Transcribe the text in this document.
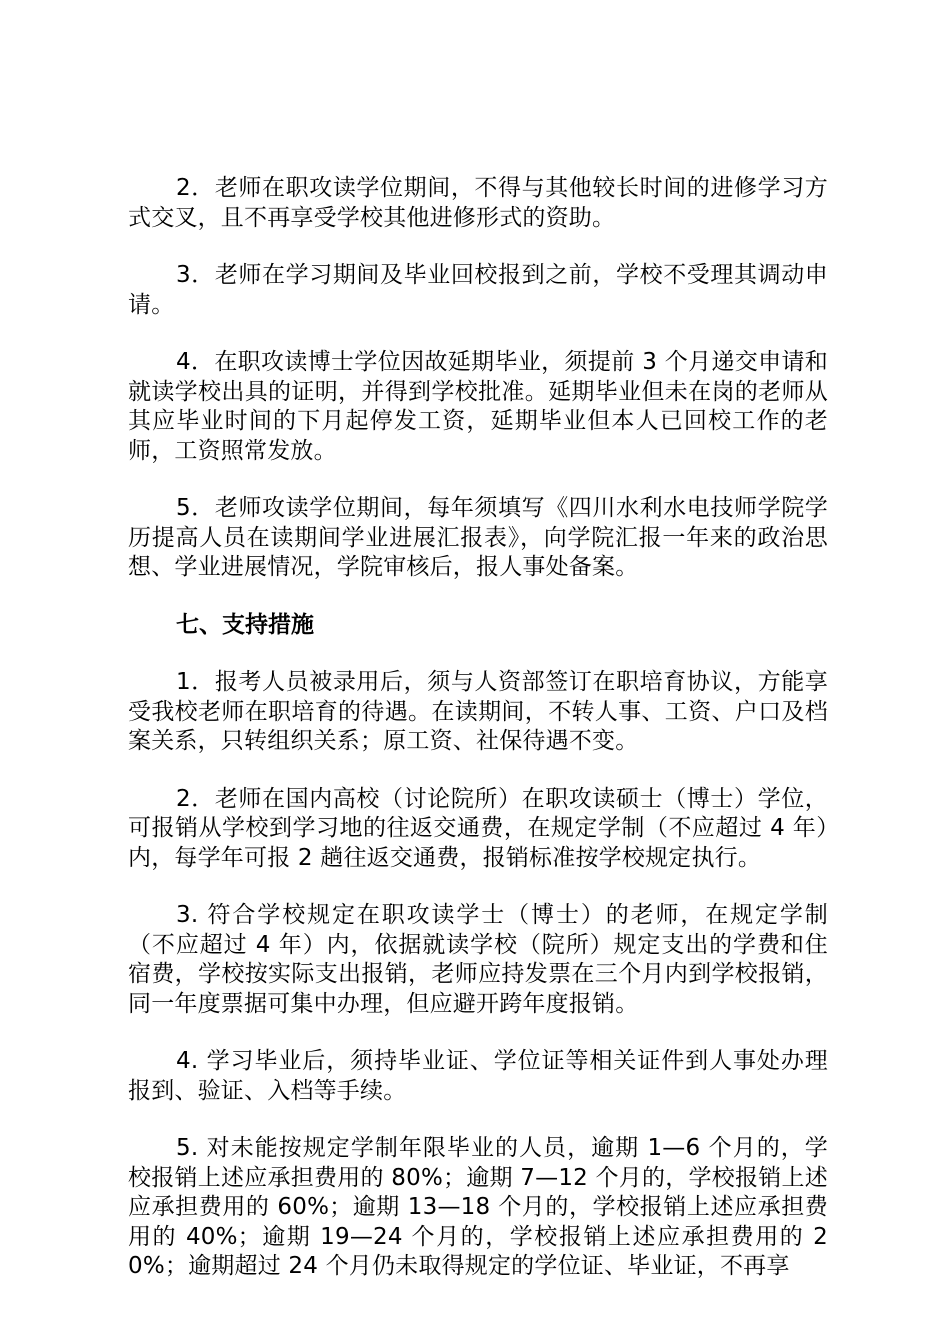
2．老师在职攻读学位期间，不得与其他较长时间的进修学习方式交叉，且不再享受学校其他进修形式的资助。

3．老师在学习期间及毕业回校报到之前，学校不受理其调动申请。

4．在职攻读博士学位因故延期毕业，须提前 3 个月递交申请和就读学校出具的证明，并得到学校批准。延期毕业但未在岗的老师从其应毕业时间的下月起停发工资，延期毕业但本人已回校工作的老师，工资照常发放。

5．老师攻读学位期间，每年须填写《四川水利水电技师学院学历提高人员在读期间学业进展汇报表》，向学院汇报一年来的政治思想、学业进展情况，学院审核后，报人事处备案。

七、支持措施

1．报考人员被录用后，须与人资部签订在职培育协议，方能享受我校老师在职培育的待遇。在读期间，不转人事、工资、户口及档案关系，只转组织关系；原工资、社保待遇不变。

2．老师在国内高校（讨论院所）在职攻读硕士（博士）学位，可报销从学校到学习地的往返交通费，在规定学制（不应超过 4 年）内，每学年可报 2 趟往返交通费，报销标准按学校规定执行。

3. 符合学校规定在职攻读学士（博士）的老师，在规定学制（不应超过 4 年）内，依据就读学校（院所）规定支出的学费和住宿费，学校按实际支出报销，老师应持发票在三个月内到学校报销，同一年度票据可集中办理，但应避开跨年度报销。

4. 学习毕业后，须持毕业证、学位证等相关证件到人事处办理报到、验证、入档等手续。

5. 对未能按规定学制年限毕业的人员，逾期 1—6 个月的，学校报销上述应承担费用的 80%；逾期 7—12 个月的，学校报销上述应承担费用的 60%；逾期 13—18 个月的，学校报销上述应承担费用的 40%；逾期 19—24 个月的，学校报销上述应承担费用的 20%；逾期超过 24 个月仍未取得规定的学位证、毕业证，不再享
